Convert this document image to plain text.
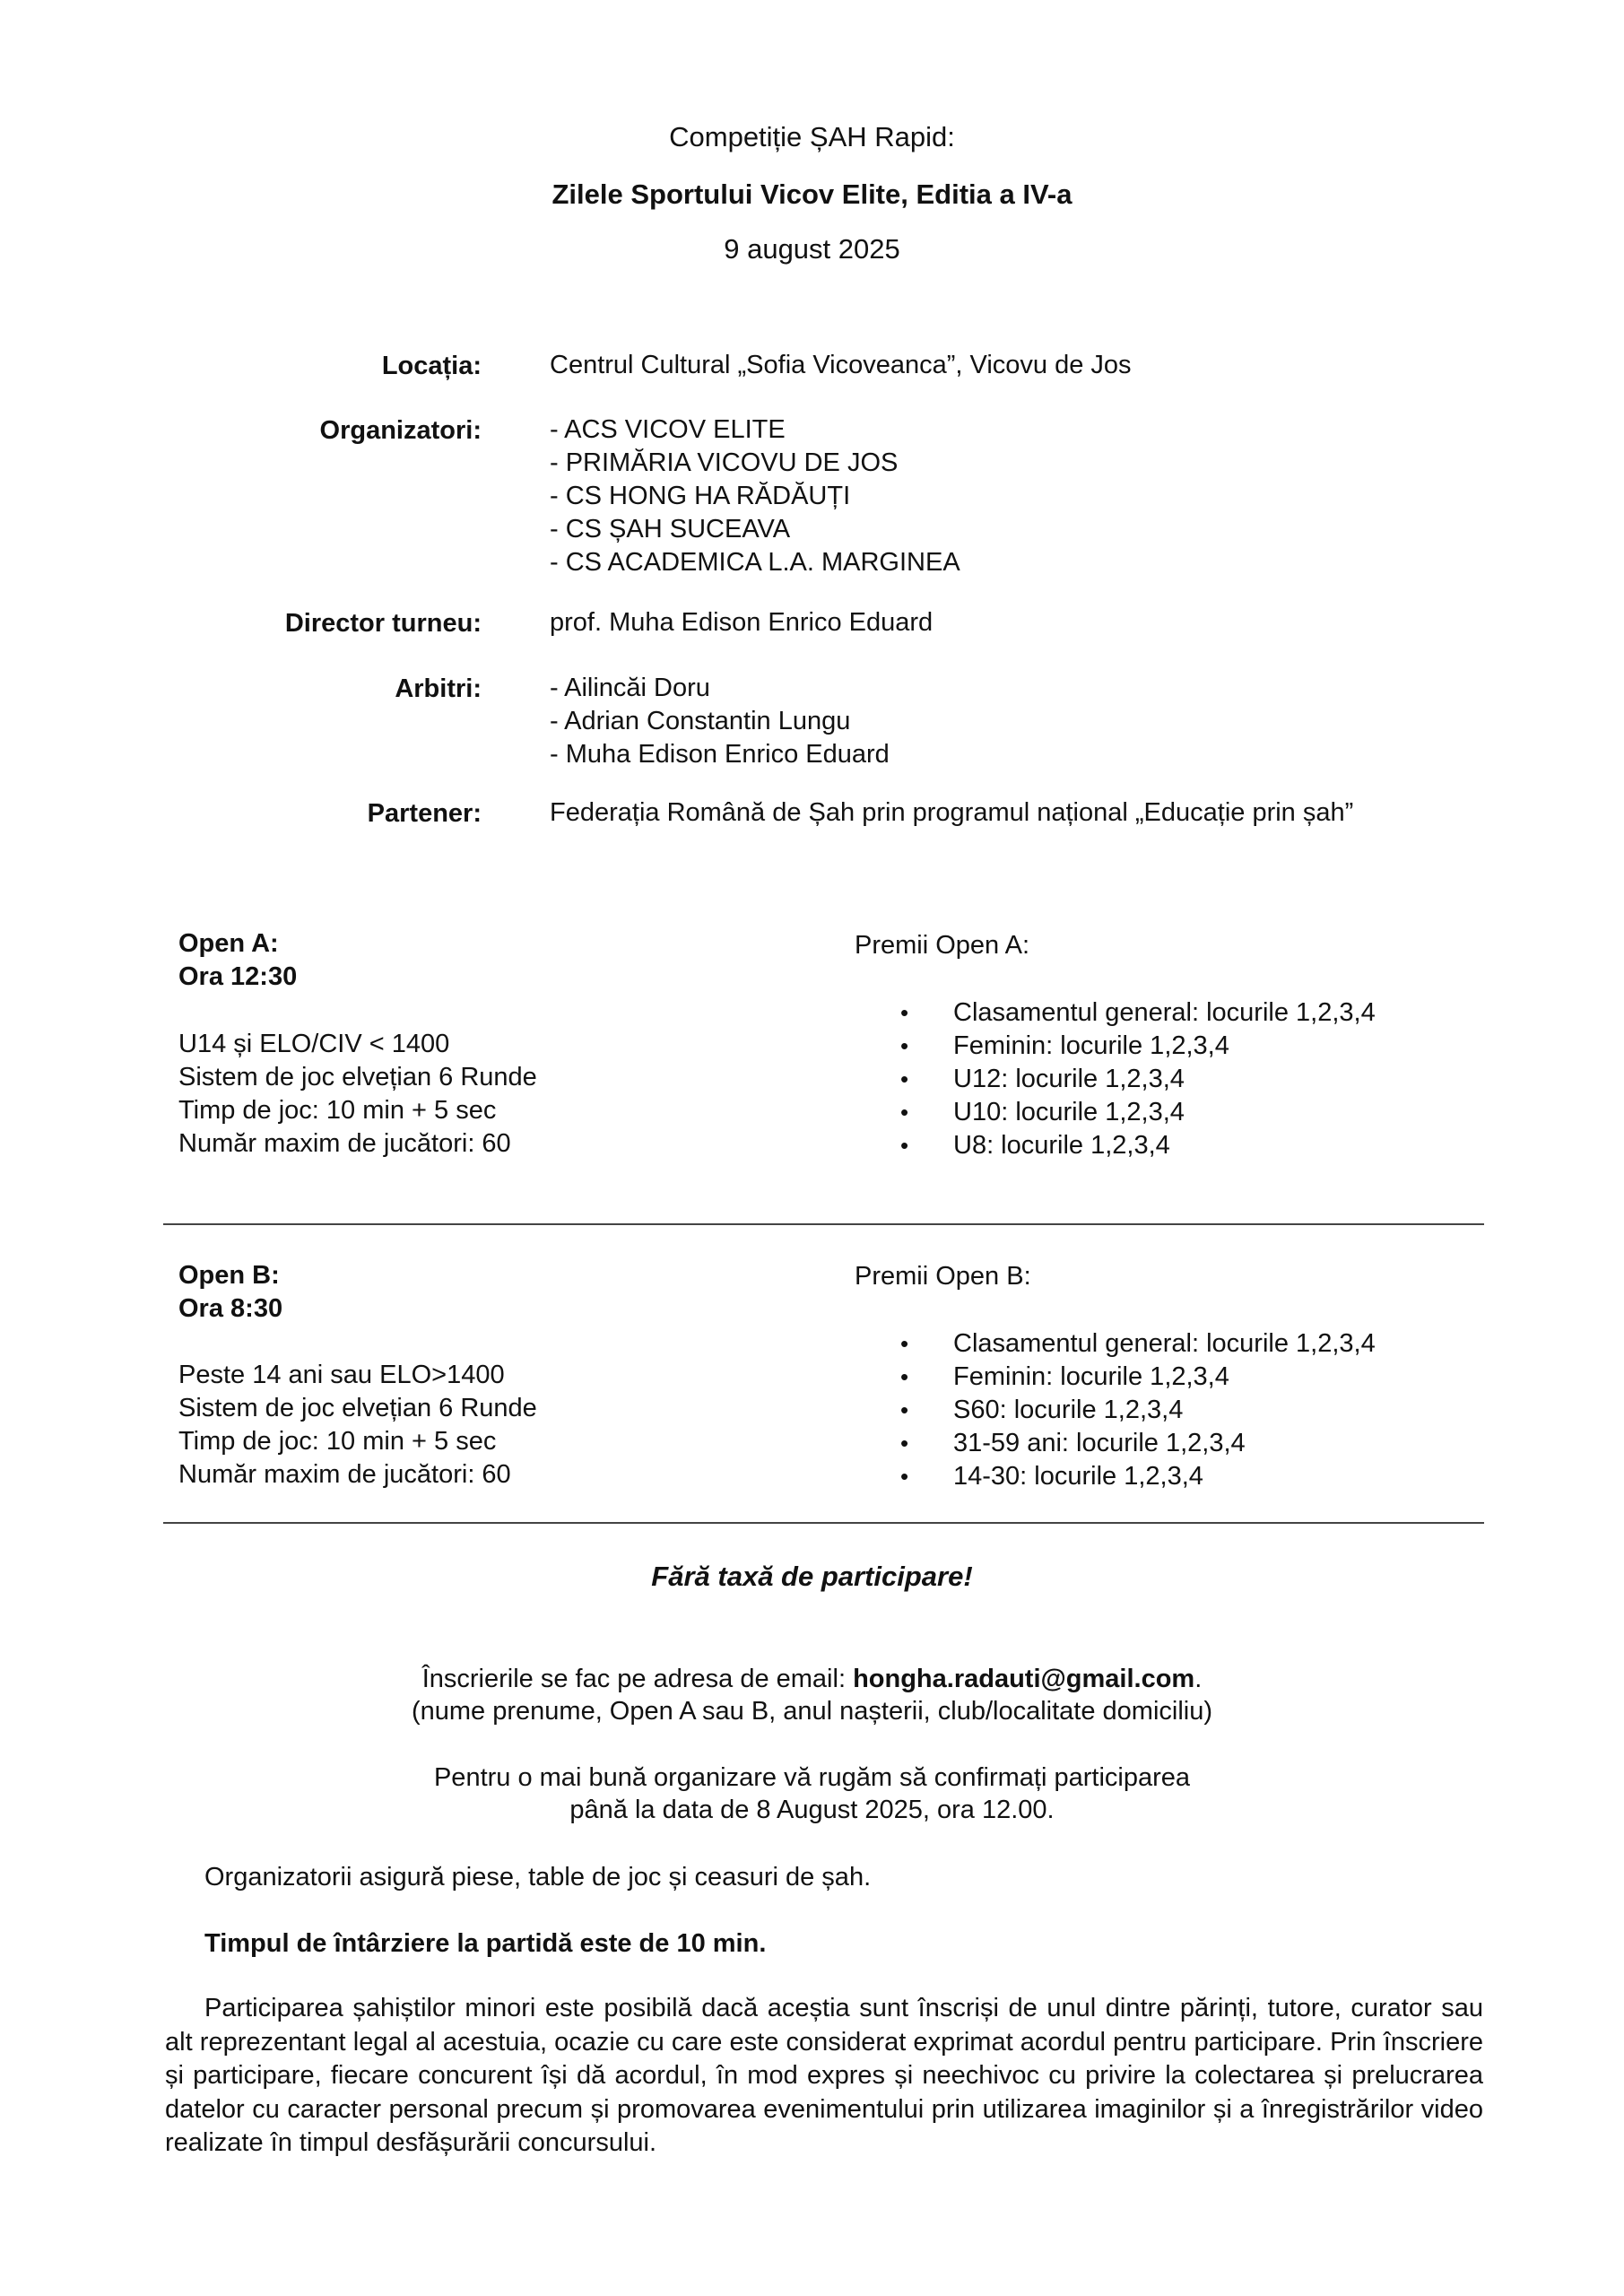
Competiție ȘAH Rapid:
Zilele Sportului Vicov Elite, Editia a IV-a
9 august 2025
Locația:	Centrul Cultural „Sofia Vicoveanca”, Vicovu de Jos
Organizatori:	- ACS VICOV ELITE
- PRIMĂRIA VICOVU DE JOS
- CS HONG HA RĂDĂUȚI
- CS ȘAH SUCEAVA
- CS ACADEMICA L.A. MARGINEA
Director turneu:	prof. Muha Edison Enrico Eduard
Arbitri:	- Ailincăi Doru
- Adrian Constantin Lungu
- Muha Edison Enrico Eduard
Partener:	Federația Română de Șah prin programul național „Educație prin șah”
Open A:
Ora 12:30
U14 și ELO/CIV < 1400
Sistem de joc elvețian 6 Runde
Timp de joc: 10 min + 5 sec
Număr maxim de jucători: 60
Premii Open A:
• Clasamentul general: locurile 1,2,3,4
• Feminin: locurile 1,2,3,4
• U12: locurile 1,2,3,4
• U10: locurile 1,2,3,4
• U8: locurile 1,2,3,4
Open B:
Ora 8:30
Peste 14 ani sau ELO>1400
Sistem de joc elvețian 6 Runde
Timp de joc: 10 min + 5 sec
Număr maxim de jucători: 60
Premii Open B:
• Clasamentul general: locurile 1,2,3,4
• Feminin: locurile 1,2,3,4
• S60: locurile 1,2,3,4
• 31-59 ani: locurile 1,2,3,4
• 14-30: locurile 1,2,3,4
Fără taxă de participare!
Înscrierile se fac pe adresa de email: hongha.radauti@gmail.com.
(nume prenume, Open A sau B, anul nașterii, club/localitate domiciliu)
Pentru o mai bună organizare vă rugăm să confirmați participarea
până la data de 8 August 2025, ora 12.00.
Organizatorii asigură piese, table de joc și ceasuri de șah.
Timpul de întârziere la partidă este de 10 min.
Participarea șahiștilor minori este posibilă dacă aceștia sunt înscriși de unul dintre părinți, tutore, curator sau alt reprezentant legal al acestuia, ocazie cu care este considerat exprimat acordul pentru participare. Prin înscriere și participare, fiecare concurent își dă acordul, în mod expres și neechivoc cu privire la colectarea și prelucrarea datelor cu caracter personal precum și promovarea evenimentului prin utilizarea imaginilor și a înregistrărilor video realizate în timpul desfășurării concursului.
